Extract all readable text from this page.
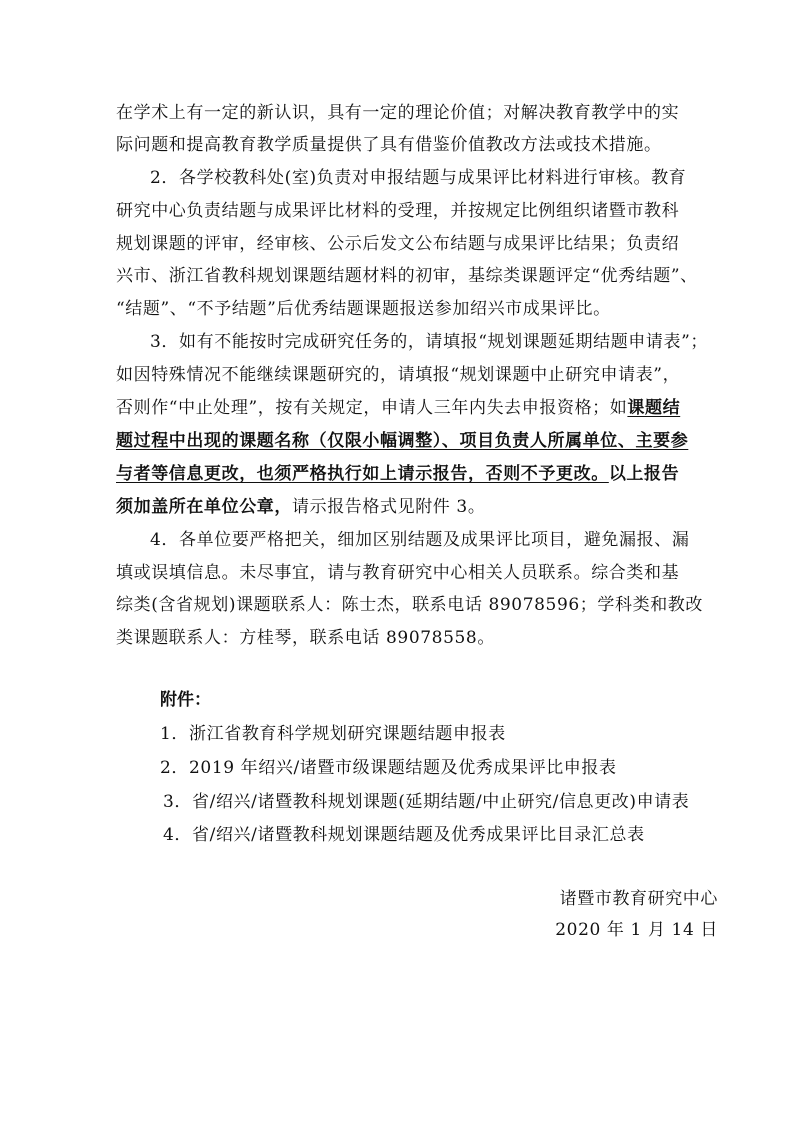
在学术上有一定的新认识，具有一定的理论价值；对解决教育教学中的实
际问题和提高教育教学质量提供了具有借鉴价值教改方法或技术措施。
2．各学校教科处(室)负责对申报结题与成果评比材料进行审核。教育
研究中心负责结题与成果评比材料的受理，并按规定比例组织诸暨市教科
规划课题的评审，经审核、公示后发文公布结题与成果评比结果；负责绍
兴市、浙江省教科规划课题结题材料的初审，基综类课题评定“优秀结题”、
“结题”、“不予结题”后优秀结题课题报送参加绍兴市成果评比。
3．如有不能按时完成研究任务的，请填报“规划课题延期结题申请表”；
如因特殊情况不能继续课题研究的，请填报“规划课题中止研究申请表”，
否则作“中止处理”，按有关规定，申请人三年内失去申报资格；如课题结
题过程中出现的课题名称（仅限小幅调整）、项目负责人所属单位、主要参
与者等信息更改，也须严格执行如上请示报告，否则不予更改。以上报告
须加盖所在单位公章，请示报告格式见附件 3。
4．各单位要严格把关，细加区别结题及成果评比项目，避免漏报、漏
填或误填信息。未尽事宜，请与教育研究中心相关人员联系。综合类和基
综类(含省规划)课题联系人：陈士杰，联系电话 89078596；学科类和教改
类课题联系人：方桂琴，联系电话 89078558。
附件：
1．浙江省教育科学规划研究课题结题申报表
2．2019 年绍兴/诸暨市级课题结题及优秀成果评比申报表
3．省/绍兴/诸暨教科规划课题(延期结题/中止研究/信息更改)申请表
4．省/绍兴/诸暨教科规划课题结题及优秀成果评比目录汇总表
诸暨市教育研究中心
2020 年 1 月 14 日
